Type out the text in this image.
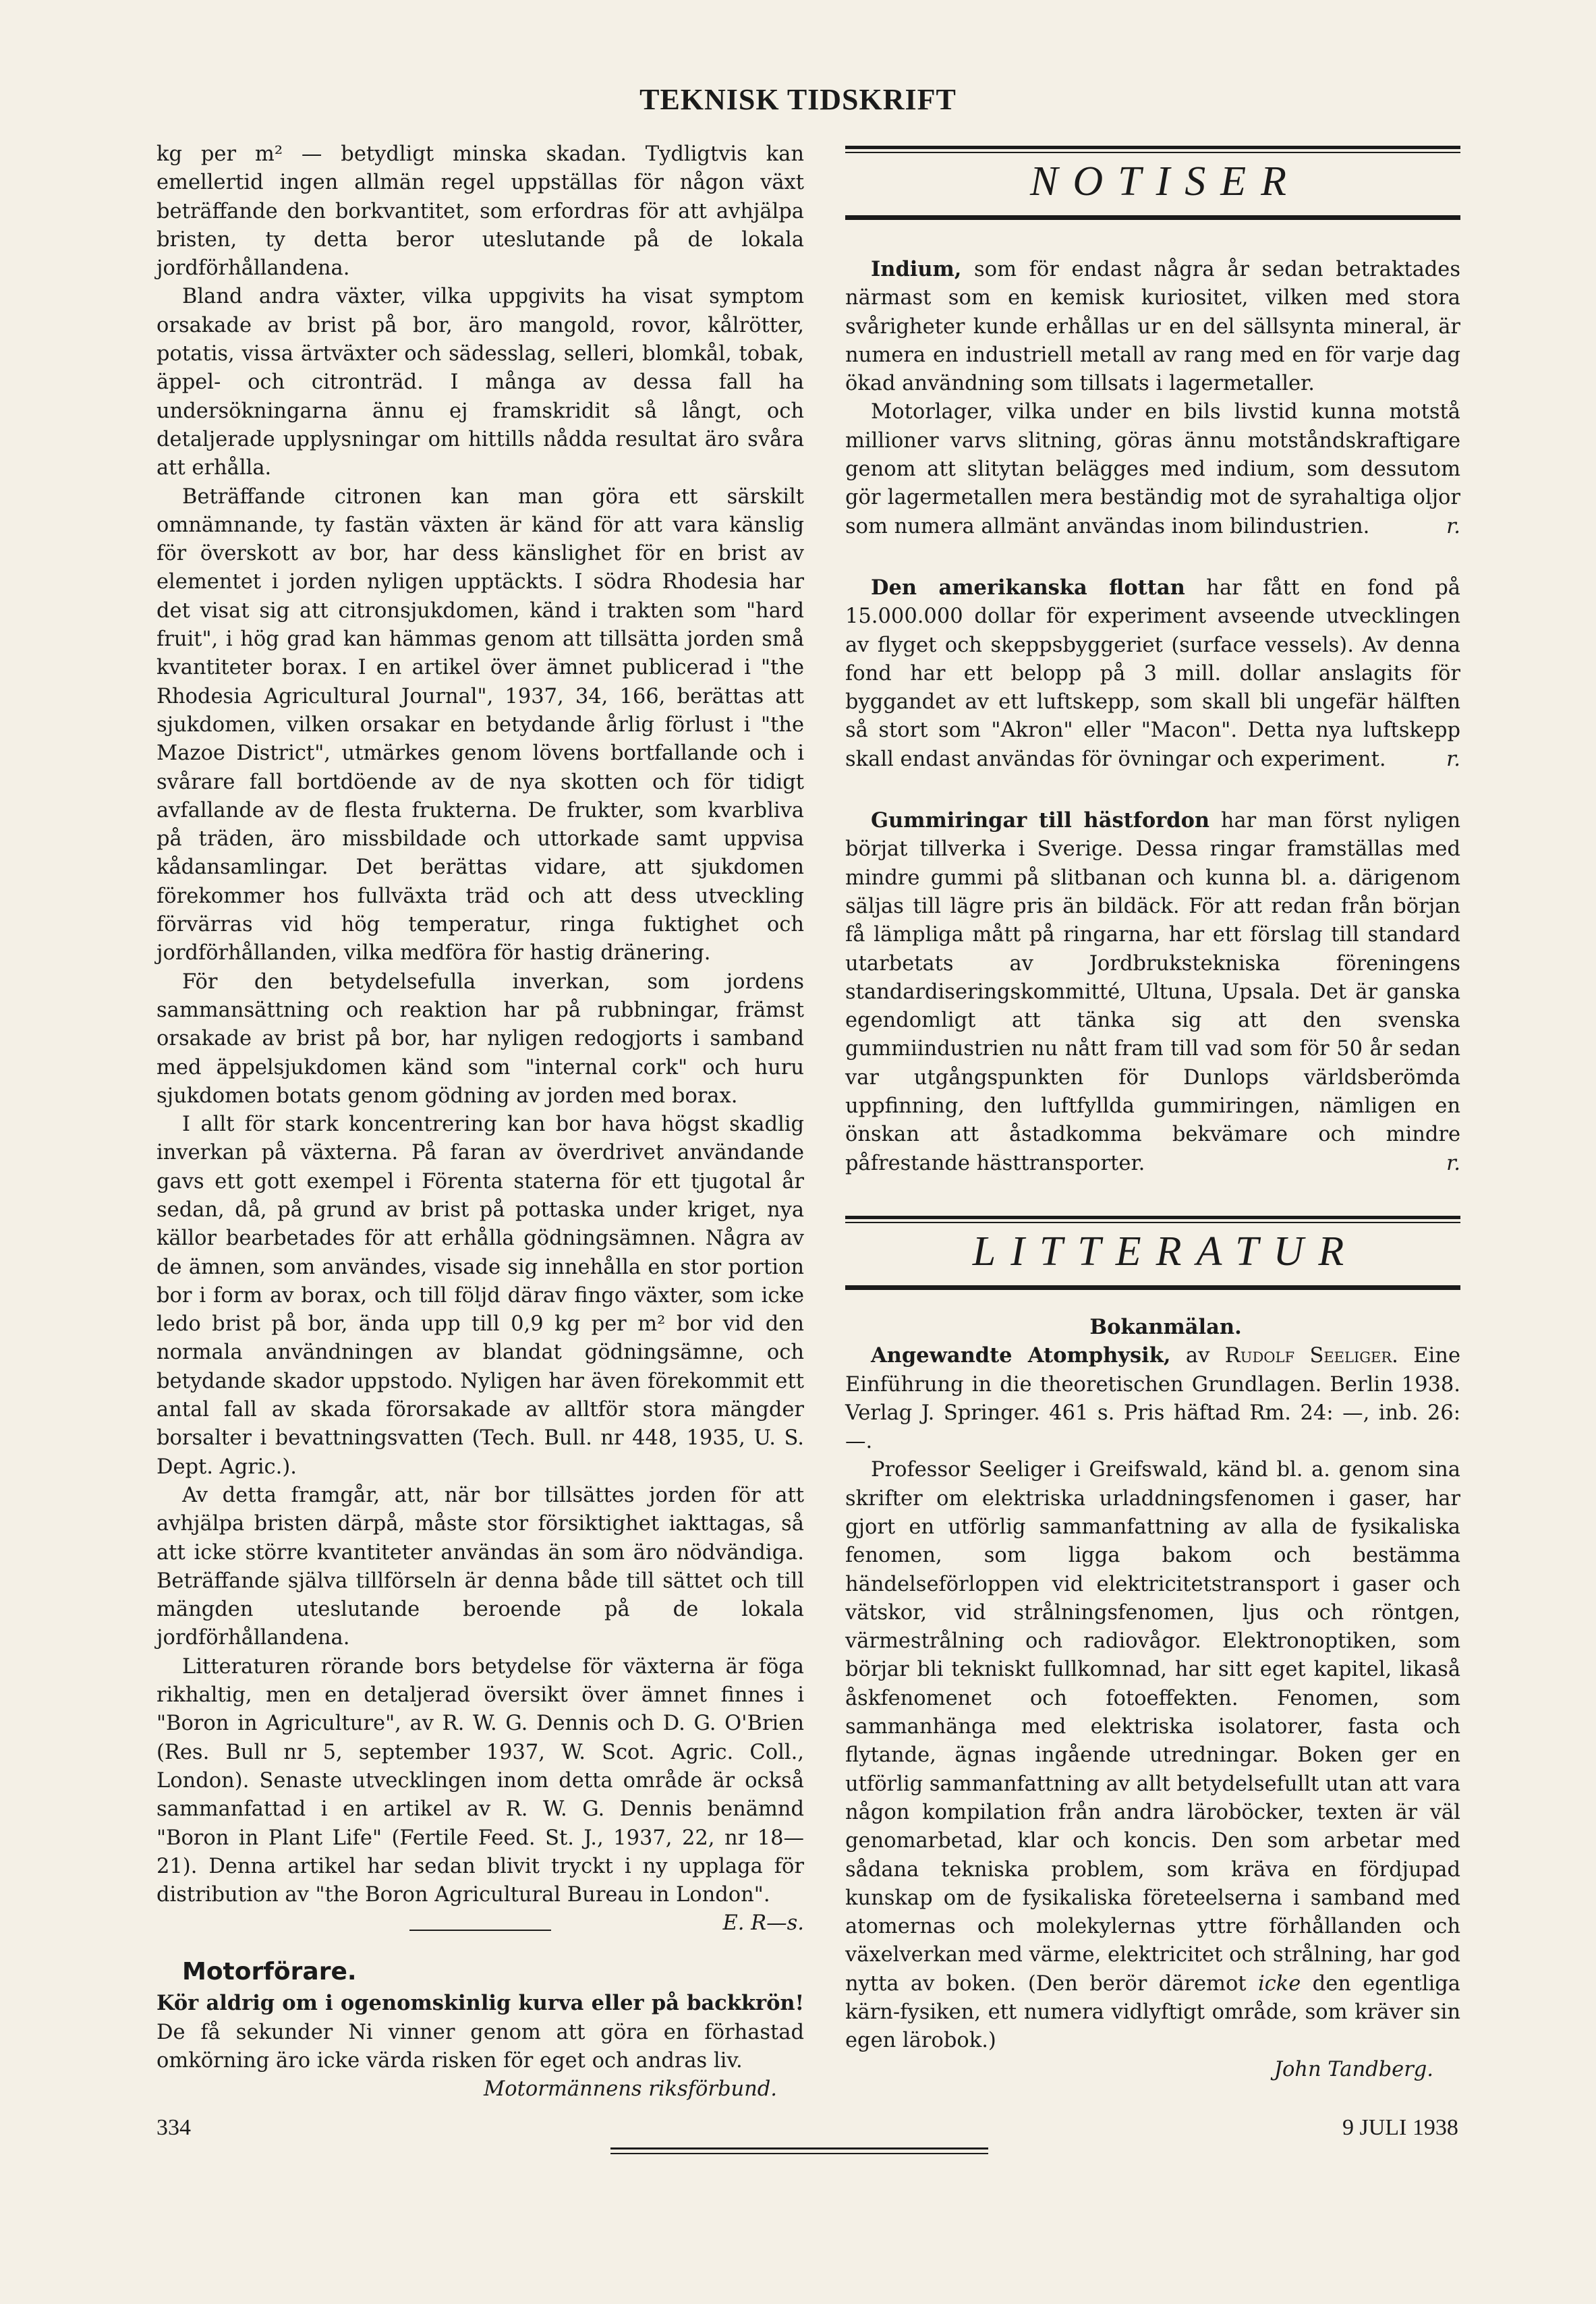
TEKNISK TIDSKRIFT

kg per m² — betydligt minska skadan. Tydligtvis kan emellertid ingen allmän regel uppställas för någon växt beträffande den borkvantitet, som erfordras för att avhjälpa bristen, ty detta beror uteslutande på de lokala jordförhållandena.

Bland andra växter, vilka uppgivits ha visat symptom orsakade av brist på bor, äro mangold, rovor, kålrötter, potatis, vissa ärtväxter och sädesslag, selleri, blomkål, tobak, äppel- och citronträd. I många av dessa fall ha undersökningarna ännu ej framskridit så långt, och detaljerade upplysningar om hittills nådda resultat äro svåra att erhålla.

Beträffande citronen kan man göra ett särskilt omnämnande, ty fastän växten är känd för att vara känslig för överskott av bor, har dess känslighet för en brist av elementet i jorden nyligen upptäckts. I södra Rhodesia har det visat sig att citronsjukdomen, känd i trakten som "hard fruit", i hög grad kan hämmas genom att tillsätta jorden små kvantiteter borax. I en artikel över ämnet publicerad i "the Rhodesia Agricultural Journal", 1937, 34, 166, berättas att sjukdomen, vilken orsakar en betydande årlig förlust i "the Mazoe District", utmärkes genom lövens bortfallande och i svårare fall bortdöende av de nya skotten och för tidigt avfallande av de flesta frukterna. De frukter, som kvarbliva på träden, äro missbildade och uttorkade samt uppvisa kådansamlingar. Det berättas vidare, att sjukdomen förekommer hos fullväxta träd och att dess utveckling förvärras vid hög temperatur, ringa fuktighet och jordförhållanden, vilka medföra för hastig dränering.

För den betydelsefulla inverkan, som jordens sammansättning och reaktion har på rubbningar, främst orsakade av brist på bor, har nyligen redogjorts i samband med äppelsjukdomen känd som "internal cork" och huru sjukdomen botats genom gödning av jorden med borax.

I allt för stark koncentrering kan bor hava högst skadlig inverkan på växterna. På faran av överdrivet användande gavs ett gott exempel i Förenta staterna för ett tjugotal år sedan, då, på grund av brist på pottaska under kriget, nya källor bearbetades för att erhålla gödningsämnen. Några av de ämnen, som användes, visade sig innehålla en stor portion bor i form av borax, och till följd därav fingo växter, som icke ledo brist på bor, ända upp till 0,9 kg per m² bor vid den normala användningen av blandat gödningsämne, och betydande skador uppstodo. Nyligen har även förekommit ett antal fall av skada förorsakade av alltför stora mängder borsalter i bevattningsvatten (Tech. Bull. nr 448, 1935, U. S. Dept. Agric.).

Av detta framgår, att, när bor tillsättes jorden för att avhjälpa bristen därpå, måste stor försiktighet iakttagas, så att icke större kvantiteter användas än som äro nödvändiga. Beträffande själva tillförseln är denna både till sättet och till mängden uteslutande beroende på de lokala jordförhållandena.

Litteraturen rörande bors betydelse för växterna är föga rikhaltig, men en detaljerad översikt över ämnet finnes i "Boron in Agriculture", av R. W. G. Dennis och D. G. O'Brien (Res. Bull nr 5, september 1937, W. Scot. Agric. Coll., London). Senaste utvecklingen inom detta område är också sammanfattad i en artikel av R. W. G. Dennis benämnd "Boron in Plant Life" (Fertile Feed. St. J., 1937, 22, nr 18—21). Denna artikel har sedan blivit tryckt i ny upplaga för distribution av "the Boron Agricultural Bureau in London".
E. R—s.

Motorförare.

Kör aldrig om i ogenomskinlig kurva eller på backkrön! De få sekunder Ni vinner genom att göra en förhastad omkörning äro icke värda risken för eget och andras liv.

Motormännens riksförbund.

NOTISER

Indium, som för endast några år sedan betraktades närmast som en kemisk kuriositet, vilken med stora svårigheter kunde erhållas ur en del sällsynta mineral, är numera en industriell metall av rang med en för varje dag ökad användning som tillsats i lagermetaller.

Motorlager, vilka under en bils livstid kunna motstå millioner varvs slitning, göras ännu motståndskraftigare genom att slitytan belägges med indium, som dessutom gör lagermetallen mera beständig mot de syrahaltiga oljor som numera allmänt användas inom bilindustrien.	r.

Den amerikanska flottan har fått en fond på 15.000.000 dollar för experiment avseende utvecklingen av flyget och skeppsbyggeriet (surface vessels). Av denna fond har ett belopp på 3 mill. dollar anslagits för byggandet av ett luftskepp, som skall bli ungefär hälften så stort som "Akron" eller "Macon". Detta nya luftskepp skall endast användas för övningar och experiment.	r.

Gummiringar till hästfordon har man först nyligen börjat tillverka i Sverige. Dessa ringar framställas med mindre gummi på slitbanan och kunna bl. a. därigenom säljas till lägre pris än bildäck. För att redan från början få lämpliga mått på ringarna, har ett förslag till standard utarbetats av Jordbrukstekniska föreningens standardiseringskommitté, Ultuna, Upsala. Det är ganska egendomligt att tänka sig att den svenska gummiindustrien nu nått fram till vad som för 50 år sedan var utgångspunkten för Dunlops världsberömda uppfinning, den luftfyllda gummiringen, nämligen en önskan att åstadkomma bekvämare och mindre påfrestande hästtransporter.	r.

LITTERATUR

Bokanmälan.

Angewandte Atomphysik, av Rudolf Seeliger. Eine Einführung in die theoretischen Grundlagen. Berlin 1938. Verlag J. Springer. 461 s. Pris häftad Rm. 24: —, inb. 26: —.

Professor Seeliger i Greifswald, känd bl. a. genom sina skrifter om elektriska urladdningsfenomen i gaser, har gjort en utförlig sammanfattning av alla de fysikaliska fenomen, som ligga bakom och bestämma händelseförloppen vid elektricitetstransport i gaser och vätskor, vid strålningsfenomen, ljus och röntgen, värmestrålning och radiovågor. Elektronoptiken, som börjar bli tekniskt fullkomnad, har sitt eget kapitel, likaså åskfenomenet och fotoeffekten. Fenomen, som sammanhänga med elektriska isolatorer, fasta och flytande, ägnas ingående utredningar. Boken ger en utförlig sammanfattning av allt betydelsefullt utan att vara någon kompilation från andra läroböcker, texten är väl genomarbetad, klar och koncis. Den som arbetar med sådana tekniska problem, som kräva en fördjupad kunskap om de fysikaliska företeelserna i samband med atomernas och molekylernas yttre förhållanden och växelverkan med värme, elektricitet och strålning, har god nytta av boken. (Den berör däremot icke den egentliga kärn-fysiken, ett numera vidlyftigt område, som kräver sin egen lärobok.)

John Tandberg.

334	9 JULI 1938
